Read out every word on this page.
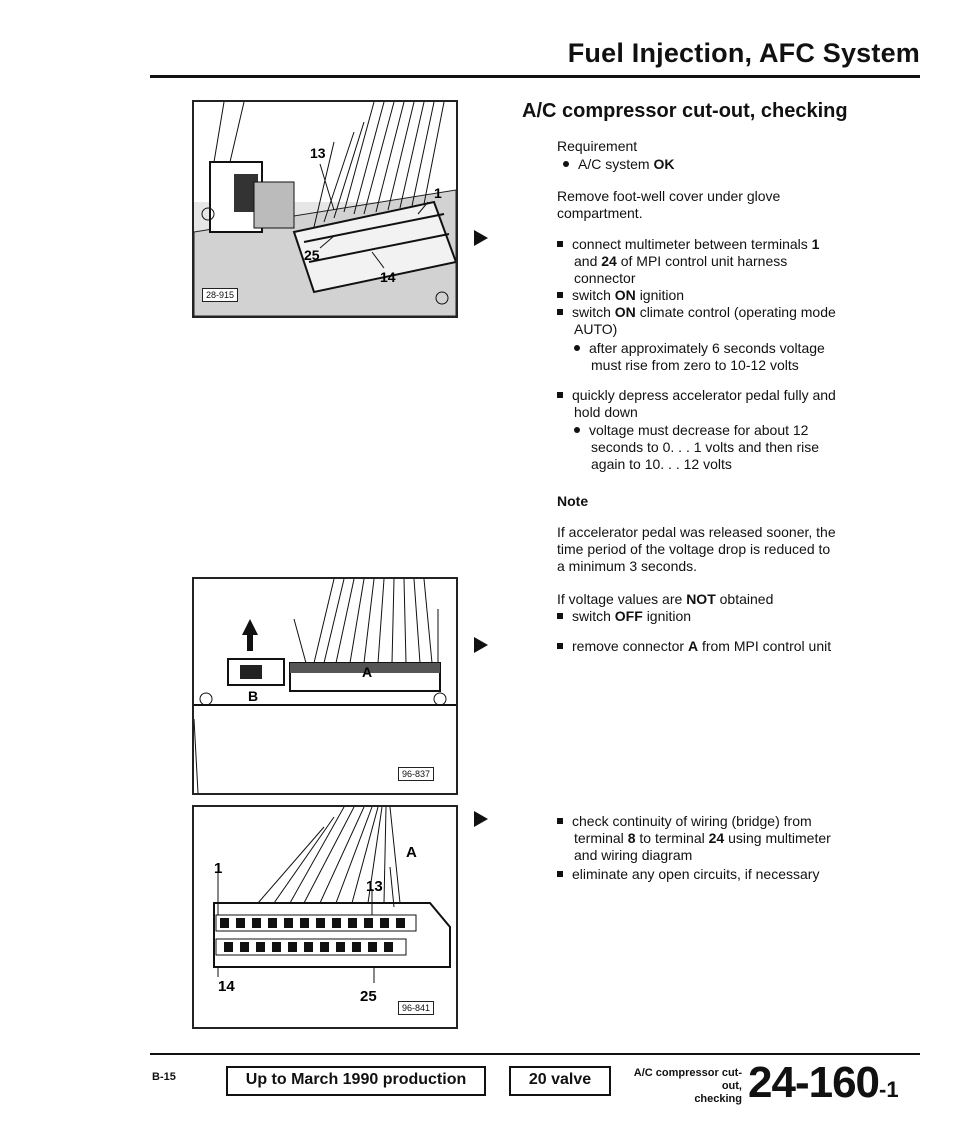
Fuel Injection, AFC System
13
1
25
14
28-915
A
B
96-837
A
1
13
14
25
96-841
A/C compressor cut-out, checking
Requirement
A/C system OK
Remove foot-well cover under glove
compartment.
connect multimeter between terminals 1
and 24 of MPI control unit harness
connector
switch ON ignition
switch ON climate control (operating mode
AUTO)
after approximately 6 seconds voltage
must rise from zero to 10-12 volts
quickly depress accelerator pedal fully and
hold down
voltage must decrease for about 12
seconds to 0. . . 1 volts and then rise
again to 10. . . 12 volts
Note
If accelerator pedal was released sooner, the
time period of the voltage drop is reduced to
a minimum 3 seconds.
If voltage values are NOT obtained
switch OFF ignition
remove connector A from MPI control unit
check continuity of wiring (bridge) from
terminal 8 to terminal 24 using multimeter
and wiring diagram
eliminate any open circuits, if necessary
B-15	Up to March 1990 production	20 valve	A/C compressor cut-out,
checking 24-160-1
